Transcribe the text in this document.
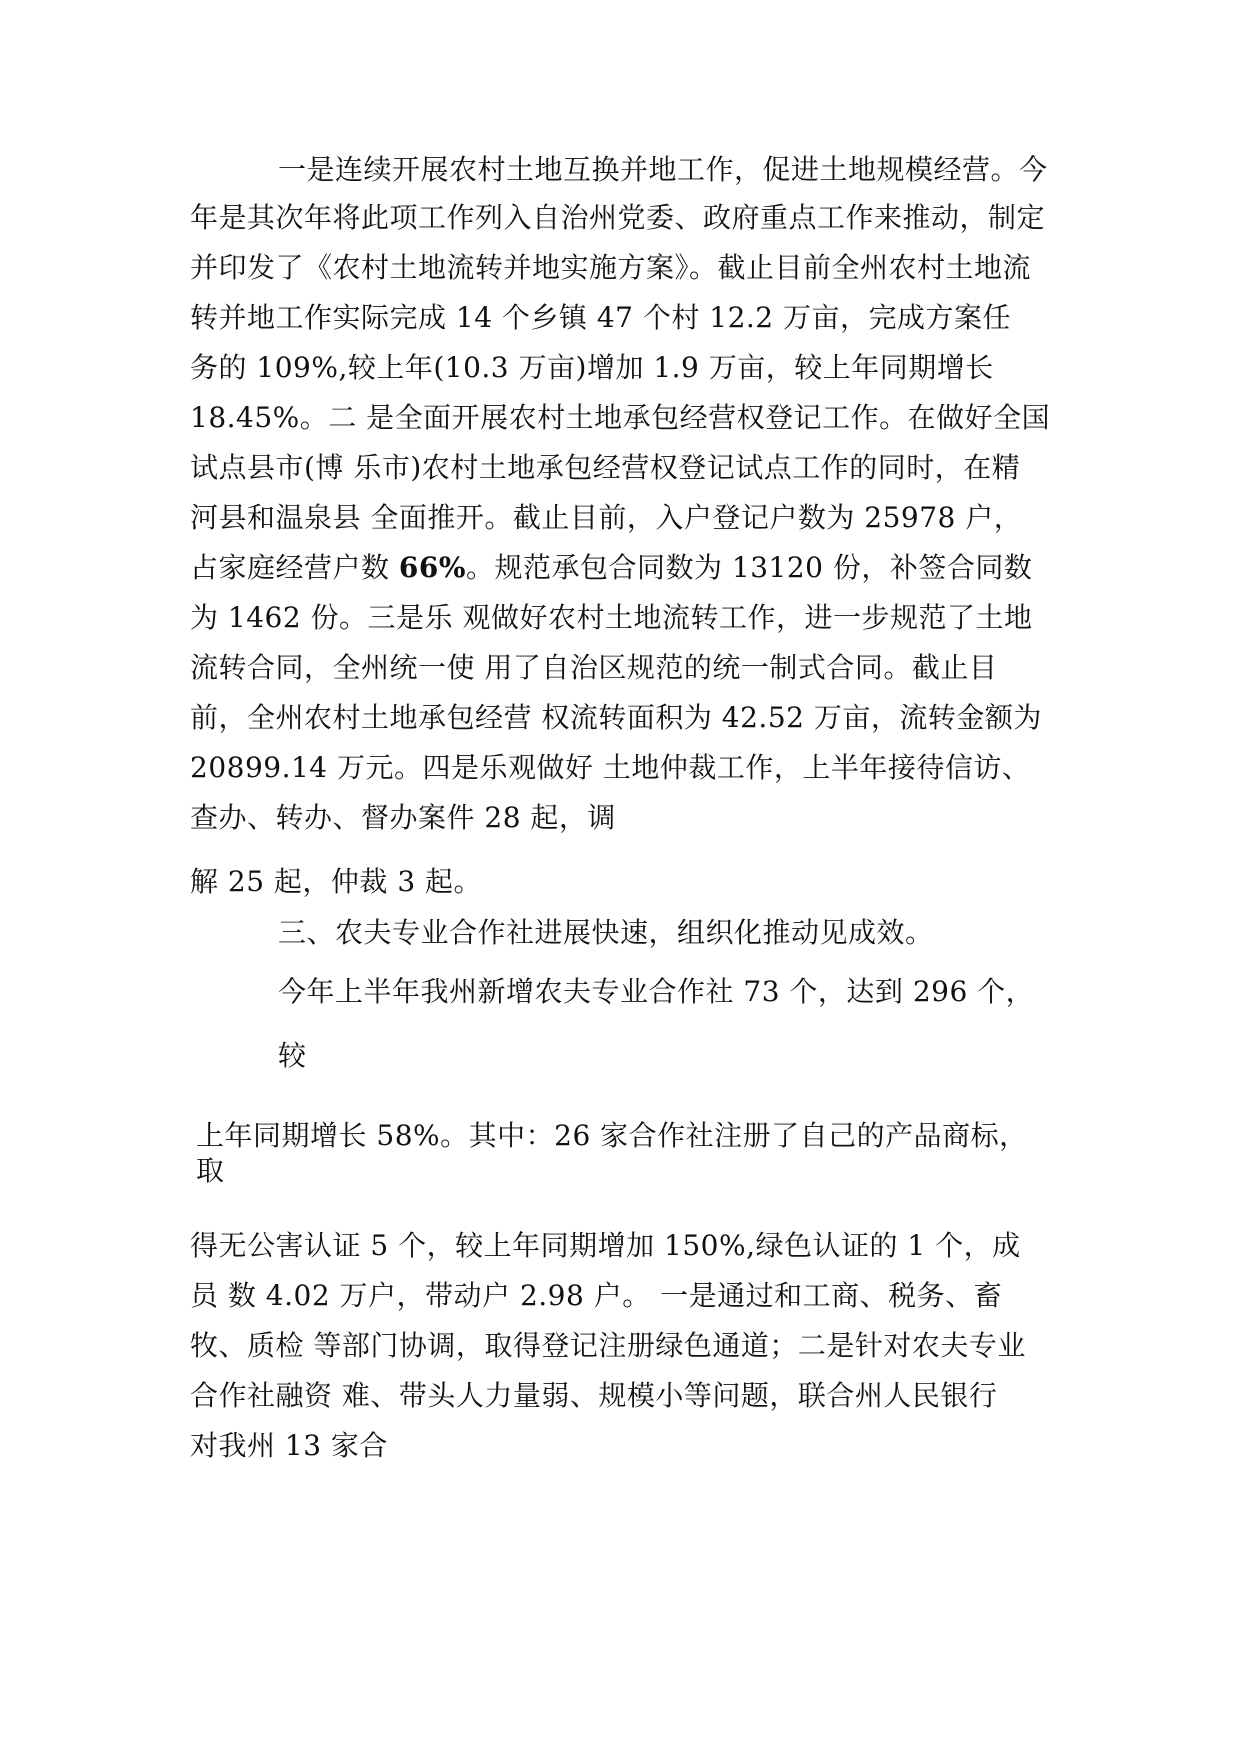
一是连续开展农村土地互换并地工作，促进土地规模经营。今
年是其次年将此项工作列入自治州党委、政府重点工作来推动，制定
并印发了《农村土地流转并地实施方案》。截止目前全州农村土地流
转并地工作实际完成 14 个乡镇 47 个村 12.2 万亩，完成方案任
务的 109%,较上年(10.3 万亩)增加 1.9 万亩，较上年同期增长
18.45%。二 是全面开展农村土地承包经营权登记工作。在做好全国
试点县市(博 乐市)农村土地承包经营权登记试点工作的同时，在精
河县和温泉县 全面推开。截止目前，入户登记户数为 25978 户，
占家庭经营户数 66%。规范承包合同数为 13120 份，补签合同数
为 1462 份。三是乐 观做好农村土地流转工作，进一步规范了土地
流转合同，全州统一使 用了自治区规范的统一制式合同。截止目
前，全州农村土地承包经营 权流转面积为 42.52 万亩，流转金额为
20899.14 万元。四是乐观做好 土地仲裁工作，上半年接待信访、
查办、转办、督办案件 28 起，调
解 25 起，仲裁 3 起。
三、农夫专业合作社进展快速，组织化推动见成效。
今年上半年我州新增农夫专业合作社 73 个，达到 296 个，
较
上年同期增长 58%。其中：26 家合作社注册了自己的产品商标，
取
得无公害认证 5 个，较上年同期增加 150%,绿色认证的 1 个，成
员 数 4.02 万户，带动户 2.98 户。 一是通过和工商、税务、畜
牧、质检 等部门协调，取得登记注册绿色通道；二是针对农夫专业
合作社融资 难、带头人力量弱、规模小等问题，联合州人民银行
对我州 13 家合
